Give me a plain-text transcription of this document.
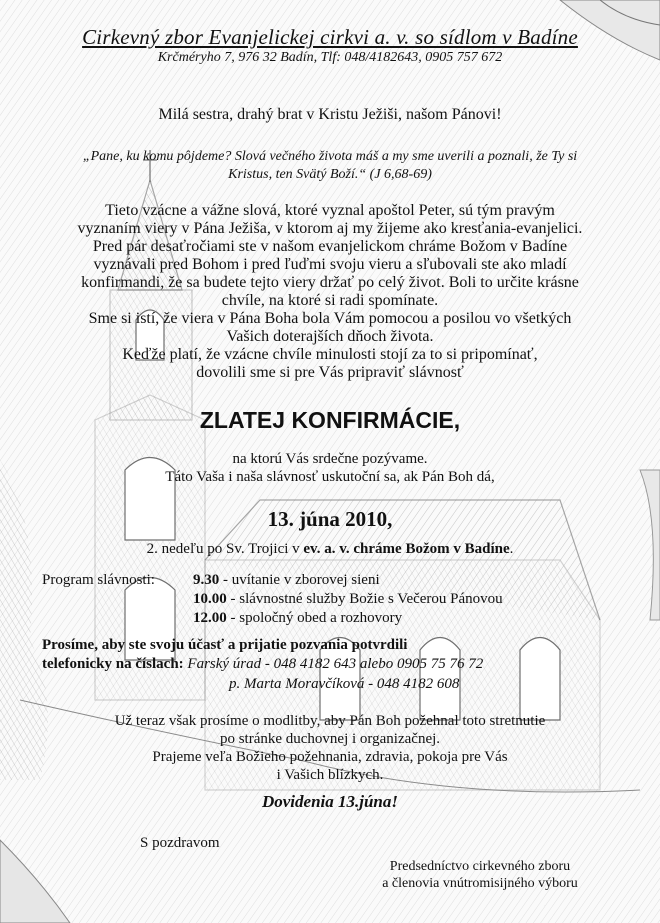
Cirkevný zbor Evanjelickej cirkvi a. v. so sídlom v Badíne
Krčméryho 7, 976 32 Badín, Tlf: 048/4182643, 0905 757 672
Milá sestra, drahý brat v Kristu Ježiši, našom Pánovi!
„Pane, ku komu pôjdeme? Slová večného života máš a my sme uverili a poznali, že Ty si
Kristus, ten Svätý Boží.“ (J 6,68-69)
Tieto vzácne a vážne slová, ktoré vyznal apoštol Peter, sú tým pravým
vyznaním viery v Pána Ježiša, v ktorom aj my žijeme ako kresťania-evanjelici.
Pred pár desaťročiami ste v našom evanjelickom chráme Božom v Badíne
vyznávali pred Bohom i pred ľuďmi svoju vieru a sľubovali ste ako mladí
konfirmandi, že sa budete tejto viery držať po celý život. Boli to určite krásne
chvíle, na ktoré si radi spomínate.
Sme si istí, že viera v Pána Boha bola Vám pomocou a posilou vo všetkých
Vašich doterajších dňoch života.
Keďže platí, že vzácne chvíle minulosti stojí za to si pripomínať,
dovolili sme si pre Vás pripraviť slávnosť
ZLATEJ KONFIRMÁCIE,
na ktorú Vás srdečne pozývame.
Táto Vaša i naša slávnosť uskutoční sa, ak Pán Boh dá,
13. júna 2010,
2. nedeľu po Sv. Trojici v ev. a. v. chráme Božom v Badíne.
Program slávnosti:	9.30 - uvítanie v zborovej sieni
10.00 - slávnostné služby Božie s Večerou Pánovou
12.00 - spoločný obed a rozhovory
Prosíme, aby ste svoju účasť a prijatie pozvania potvrdili
telefonicky na číslach: Farský úrad - 048 4182 643 alebo 0905 75 76 72
p. Marta Moravčíková - 048 4182 608
Už teraz však prosíme o modlitby, aby Pán Boh požehnal toto stretnutie
po stránke duchovnej i organizačnej.
Prajeme veľa Božieho požehnania, zdravia, pokoja pre Vás
i Vašich blízkych.
Dovidenia 13.júna!
S pozdravom
Predsedníctvo cirkevného zboru
a členovia vnútromisijného výboru
